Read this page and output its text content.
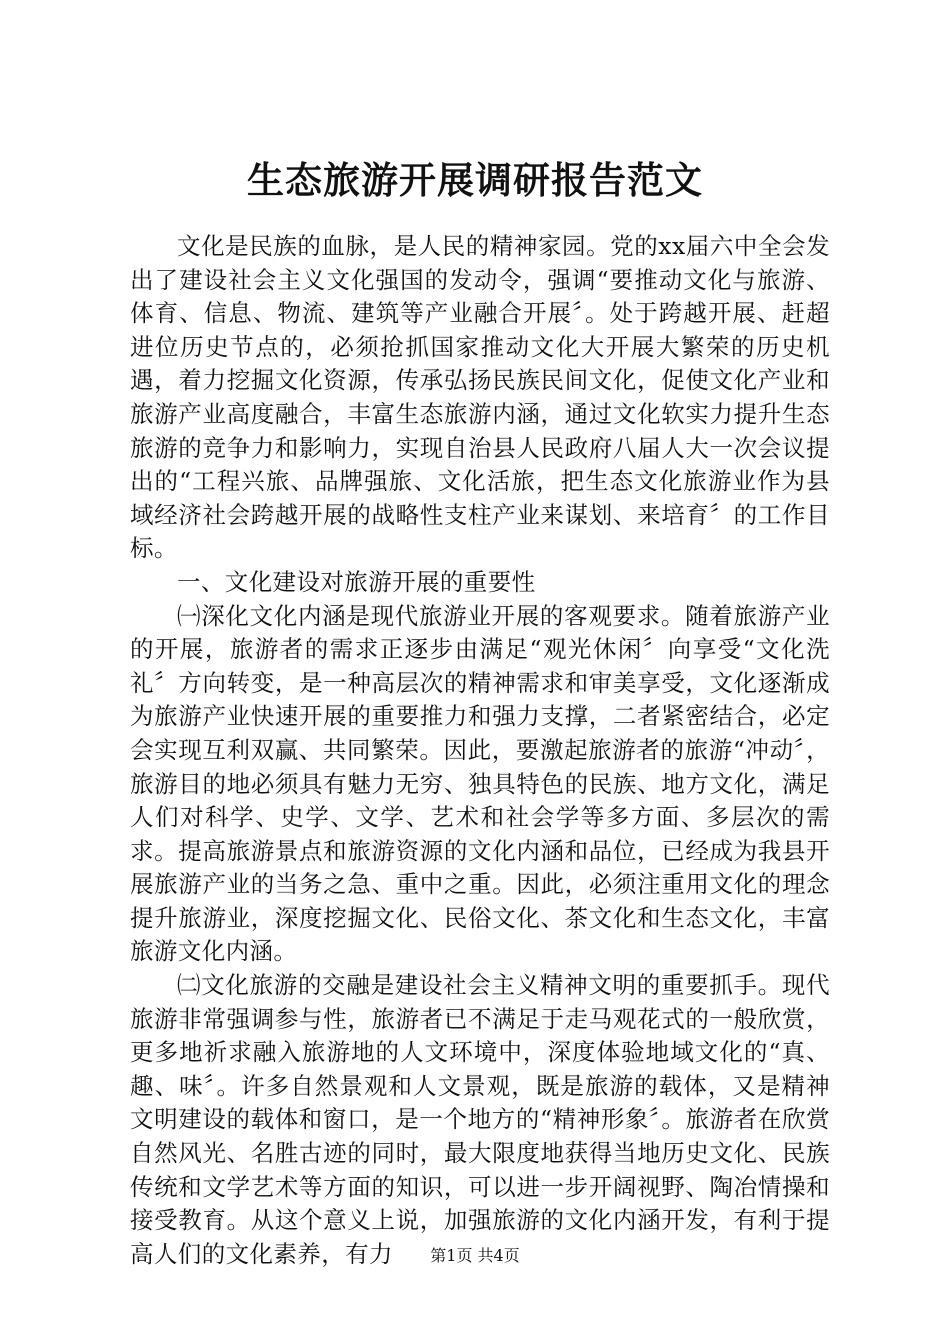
生态旅游开展调研报告范文

文化是民族的血脉，是人民的精神家园。党的xx届六中全会发出了建设社会主义文化强国的发动令，强调“要推动文化与旅游、体育、信息、物流、建筑等产业融合开展〞。处于跨越开展、赶超进位历史节点的，必须抢抓国家推动文化大开展大繁荣的历史机遇，着力挖掘文化资源，传承弘扬民族民间文化，促使文化产业和旅游产业高度融合，丰富生态旅游内涵，通过文化软实力提升生态旅游的竞争力和影响力，实现自治县人民政府八届人大一次会议提出的“工程兴旅、品牌强旅、文化活旅，把生态文化旅游业作为县域经济社会跨越开展的战略性支柱产业来谋划、来培育〞的工作目标。

一、文化建设对旅游开展的重要性

㈠深化文化内涵是现代旅游业开展的客观要求。随着旅游产业的开展，旅游者的需求正逐步由满足“观光休闲〞向享受“文化洗礼〞方向转变，是一种高层次的精神需求和审美享受，文化逐渐成为旅游产业快速开展的重要推力和强力支撑，二者紧密结合，必定会实现互利双赢、共同繁荣。因此，要激起旅游者的旅游“冲动〞，旅游目的地必须具有魅力无穷、独具特色的民族、地方文化，满足人们对科学、史学、文学、艺术和社会学等多方面、多层次的需求。提高旅游景点和旅游资源的文化内涵和品位，已经成为我县开展旅游产业的当务之急、重中之重。因此，必须注重用文化的理念提升旅游业，深度挖掘文化、民俗文化、茶文化和生态文化，丰富旅游文化内涵。

㈡文化旅游的交融是建设社会主义精神文明的重要抓手。现代旅游非常强调参与性，旅游者已不满足于走马观花式的一般欣赏，更多地祈求融入旅游地的人文环境中，深度体验地域文化的“真、趣、味〞。许多自然景观和人文景观，既是旅游的载体，又是精神文明建设的载体和窗口，是一个地方的“精神形象〞。旅游者在欣赏自然风光、名胜古迹的同时，最大限度地获得当地历史文化、民族传统和文学艺术等方面的知识，可以进一步开阔视野、陶冶情操和接受教育。从这个意义上说，加强旅游的文化内涵开发，有利于提高人们的文化素养，有力	第1页 共4页
